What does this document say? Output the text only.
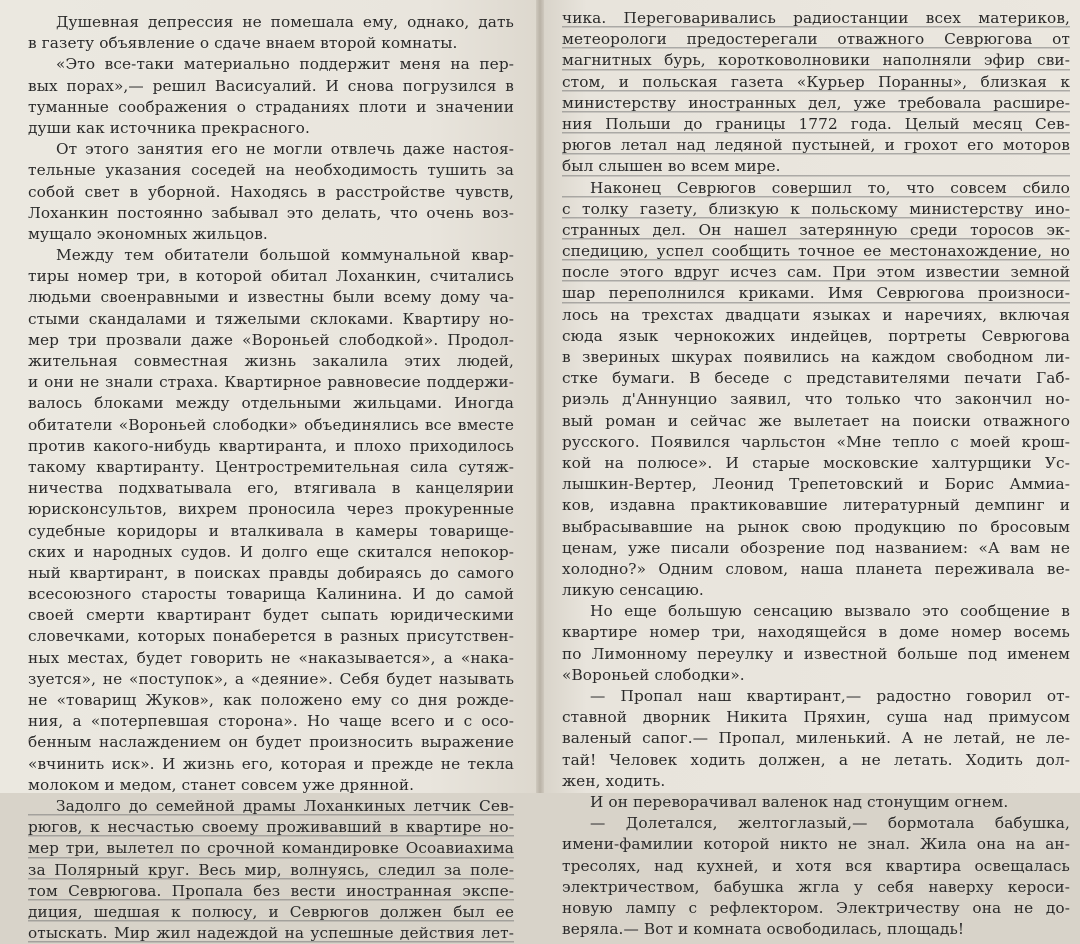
Душевная депрессия не помешала ему, однако, дать
в газету объявление о сдаче внаем второй комнаты.
«Это все-таки материально поддержит меня на пер-
вых порах»,— решил Васисуалий. И снова погрузился в
туманные соображения о страданиях плоти и значении
души как источника прекрасного.
От этого занятия его не могли отвлечь даже настоя-
тельные указания соседей на необходимость тушить за
собой свет в уборной. Находясь в расстройстве чувств,
Лоханкин постоянно забывал это делать, что очень воз-
мущало экономных жильцов.
Между тем обитатели большой коммунальной квар-
тиры номер три, в которой обитал Лоханкин, считались
людьми своенравными и известны были всему дому ча-
стыми скандалами и тяжелыми склоками. Квартиру но-
мер три прозвали даже «Вороньей слободкой». Продол-
жительная совместная жизнь закалила этих людей,
и они не знали страха. Квартирное равновесие поддержи-
валось блоками между отдельными жильцами. Иногда
обитатели «Вороньей слободки» объединялись все вместе
против какого-нибудь квартиранта, и плохо приходилось
такому квартиранту. Центростремительная сила сутяж-
ничества подхватывала его, втягивала в канцелярии
юрисконсультов, вихрем проносила через прокуренные
судебные коридоры и вталкивала в камеры товарище-
ских и народных судов. И долго еще скитался непокор-
ный квартирант, в поисках правды добираясь до самого
всесоюзного старосты товарища Калинина. И до самой
своей смерти квартирант будет сыпать юридическими
словечками, которых понаберется в разных присутствен-
ных местах, будет говорить не «наказывается», а «нака-
зуется», не «поступок», а «деяние». Себя будет называть
не «товарищ Жуков», как положено ему со дня рожде-
ния, а «потерпевшая сторона». Но чаще всего и с осо-
бенным наслаждением он будет произносить выражение
«вчинить иск». И жизнь его, которая и прежде не текла
молоком и медом, станет совсем уже дрянной.
Задолго до семейной драмы Лоханкиных летчик Сев-
рюгов, к несчастью своему проживавший в квартире но-
мер три, вылетел по срочной командировке Осоавиахима
за Полярный круг. Весь мир, волнуясь, следил за поле-
том Севрюгова. Пропала без вести иностранная экспе-
диция, шедшая к полюсу, и Севрюгов должен был ее
отыскать. Мир жил надеждой на успешные действия лет-
чика. Переговаривались радиостанции всех материков,
метеорологи предостерегали отважного Севрюгова от
магнитных бурь, коротковолновики наполняли эфир сви-
стом, и польская газета «Курьер Поранны», близкая к
министерству иностранных дел, уже требовала расшире-
ния Польши до границы 1772 года. Целый месяц Сев-
рюгов летал над ледяной пустыней, и грохот его моторов
был слышен во всем мире.
Наконец Севрюгов совершил то, что совсем сбило
с толку газету, близкую к польскому министерству ино-
странных дел. Он нашел затерянную среди торосов эк-
спедицию, успел сообщить точное ее местонахождение, но
после этого вдруг исчез сам. При этом известии земной
шар переполнился криками. Имя Севрюгова произноси-
лось на трехстах двадцати языках и наречиях, включая
сюда язык чернокожих индейцев, портреты Севрюгова
в звериных шкурах появились на каждом свободном ли-
стке бумаги. В беседе с представителями печати Габ-
риэль д'Аннунцио заявил, что только что закончил но-
вый роман и сейчас же вылетает на поиски отважного
русского. Появился чарльстон «Мне тепло с моей крош-
кой на полюсе». И старые московские халтурщики Ус-
лышкин-Вертер, Леонид Трепетовский и Борис Аммиа-
ков, издавна практиковавшие литературный демпинг и
выбрасывавшие на рынок свою продукцию по бросовым
ценам, уже писали обозрение под названием: «А вам не
холодно?» Одним словом, наша планета переживала ве-
ликую сенсацию.
Но еще большую сенсацию вызвало это сообщение в
квартире номер три, находящейся в доме номер восемь
по Лимонному переулку и известной больше под именем
«Вороньей слободки».
— Пропал наш квартирант,— радостно говорил от-
ставной дворник Никита Пряхин, суша над примусом
валеный сапог.— Пропал, миленький. А не летай, не ле-
тай! Человек ходить должен, а не летать. Ходить дол-
жен, ходить.
И он переворачивал валенок над стонущим огнем.
— Долетался, желтоглазый,— бормотала бабушка,
имени-фамилии которой никто не знал. Жила она на ан-
тресолях, над кухней, и хотя вся квартира освещалась
электричеством, бабушка жгла у себя наверху кероси-
новую лампу с рефлектором. Электричеству она не до-
веряла.— Вот и комната освободилась, площадь!
